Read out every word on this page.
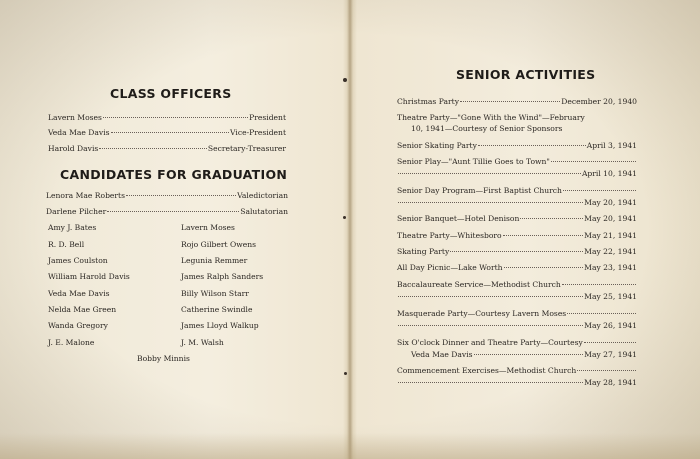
CLASS OFFICERS
Lavern Moses	President
Veda Mae Davis	Vice-President
Harold Davis	Secretary-Treasurer
CANDIDATES FOR GRADUATION
Lenora Mae Roberts	Valedictorian
Darlene Pilcher	Salutatorian
Amy J. Bates
R. D. Bell
James Coulston
William Harold Davis
Veda Mae Davis
Nelda Mae Green
Wanda Gregory
J. E. Malone
Lavern Moses
Rojo Gilbert Owens
Legunia Remmer
James Ralph Sanders
Billy Wilson Starr
Catherine Swindle
James Lloyd Walkup
J. M. Walsh
Bobby Minnis
SENIOR ACTIVITIES
Christmas Party	December 20, 1940
Theatre Party—"Gone With the Wind"—February
10, 1941—Courtesy of Senior Sponsors
Senior Skating Party	April 3, 1941
Senior Play—"Aunt Tillie Goes to Town"
April 10, 1941
Senior Day Program—First Baptist Church
May 20, 1941
Senior Banquet—Hotel Denison	May 20, 1941
Theatre Party—Whitesboro	May 21, 1941
Skating Party	May 22, 1941
All Day Picnic—Lake Worth	May 23, 1941
Baccalaureate Service—Methodist Church
May 25, 1941
Masquerade Party—Courtesy Lavern Moses
May 26, 1941
Six O'clock Dinner and Theatre Party—Courtesy
Veda Mae Davis	May 27, 1941
Commencement Exercises—Methodist Church
May 28, 1941
